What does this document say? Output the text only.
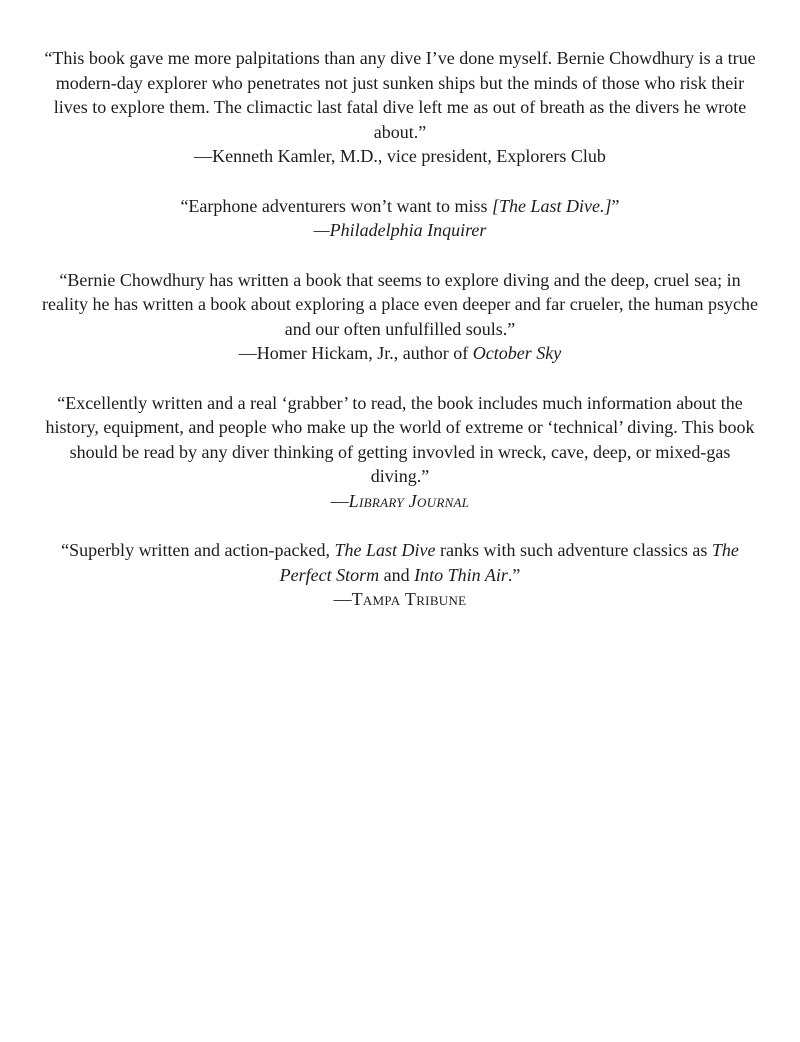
“This book gave me more palpitations than any dive I’ve done myself. Bernie Chowdhury is a true modern-day explorer who penetrates not just sunken ships but the minds of those who risk their lives to explore them. The climactic last fatal dive left me as out of breath as the divers he wrote about.”

—Kenneth Kamler, M.D., vice president, Explorers Club

“Earphone adventurers won’t want to miss [The Last Dive.]”

—Philadelphia Inquirer

“Bernie Chowdhury has written a book that seems to explore diving and the deep, cruel sea; in reality he has written a book about exploring a place even deeper and far crueler, the human psyche and our often unfulfilled souls.”

—Homer Hickam, Jr., author of October Sky

“Excellently written and a real ‘grabber’ to read, the book includes much information about the history, equipment, and people who make up the world of extreme or ‘technical’ diving. This book should be read by any diver thinking of getting invovled in wreck, cave, deep, or mixed-gas diving.”

—Library Journal

“Superbly written and action-packed, The Last Dive ranks with such adventure classics as The Perfect Storm and Into Thin Air.”

—Tampa Tribune
